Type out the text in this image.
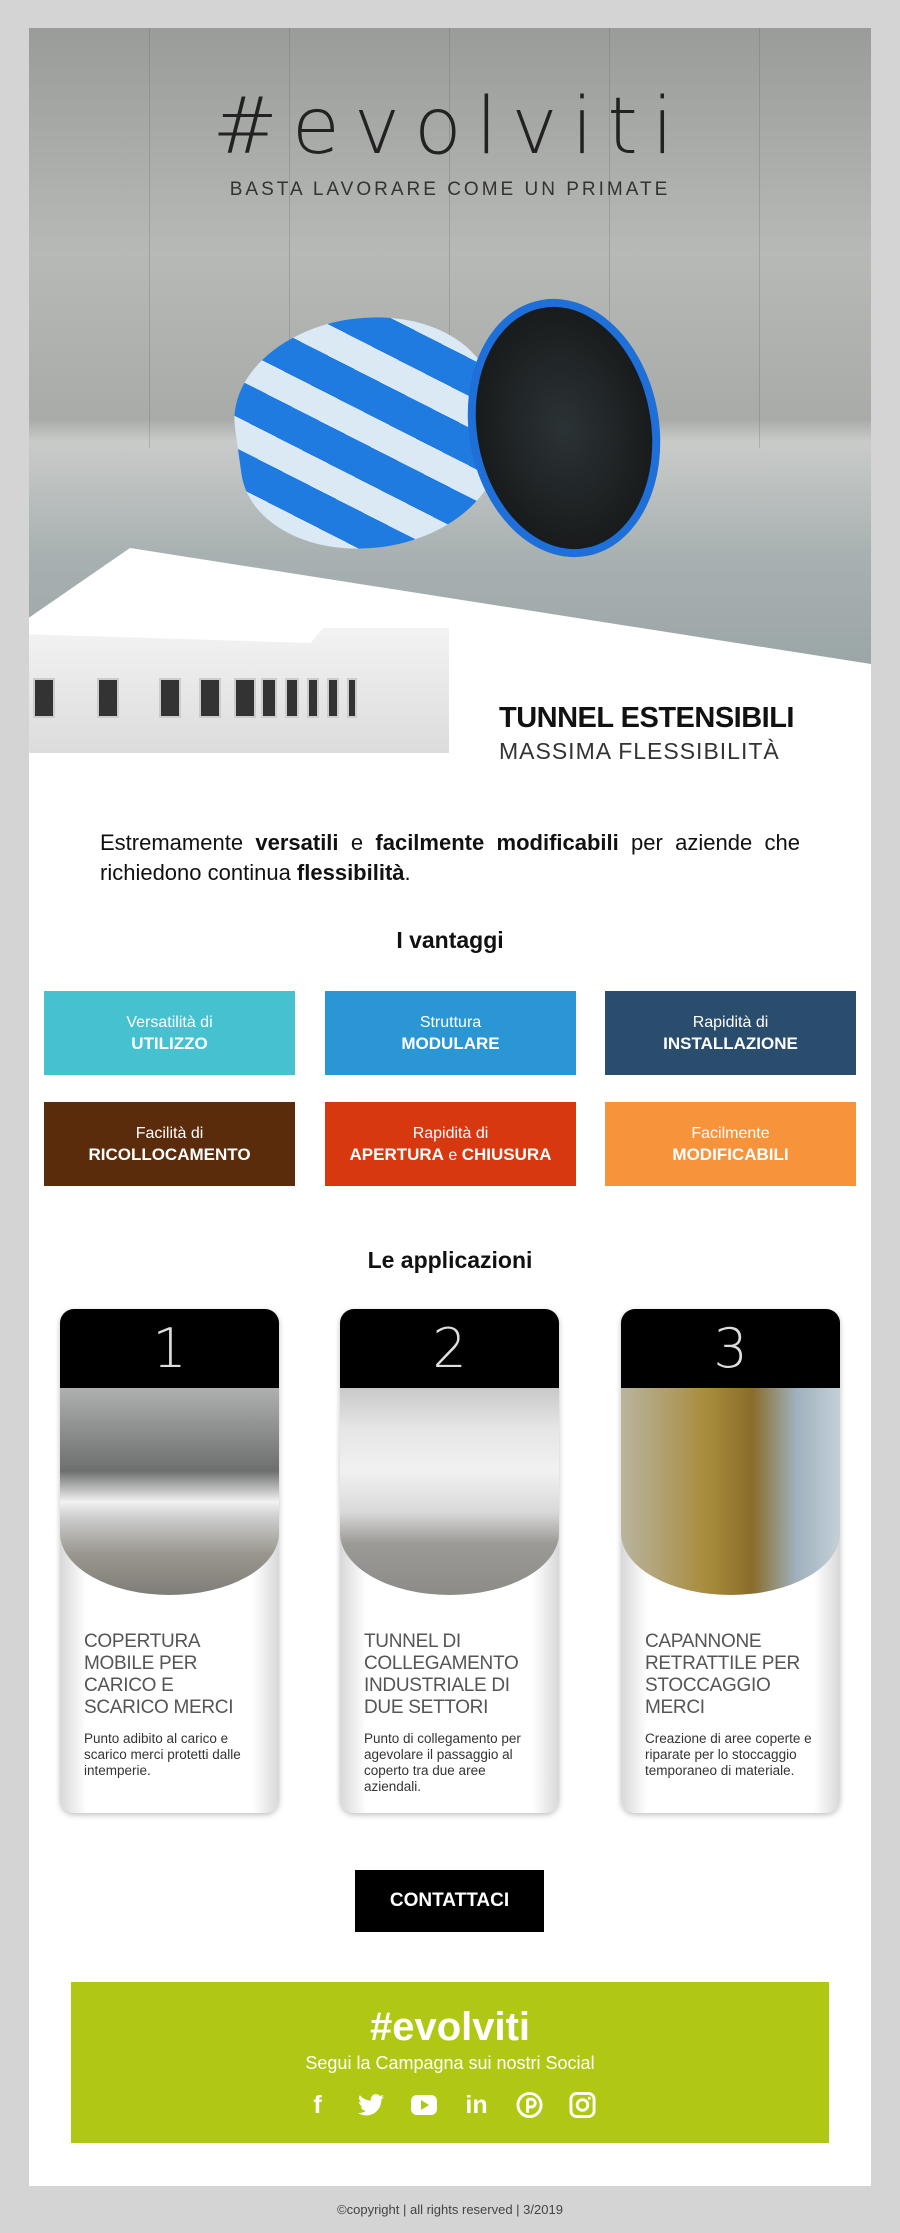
#evolviti
BASTA LAVORARE COME UN PRIMATE
TUNNEL ESTENSIBILI
MASSIMA FLESSIBILITÀ

Estremamente versatili e facilmente modificabili per aziende che richiedono continua flessibilità.

I vantaggi
Versatilità di
UTILIZZO
Struttura
MODULARE
Rapidità di
INSTALLAZIONE
Facilità di
RICOLLOCAMENTO
Rapidità di
APERTURA e CHIUSURA
Facilmente
MODIFICABILI
Le applicazioni
1
COPERTURA MOBILE PER CARICO E SCARICO MERCI
Punto adibito al carico e scarico merci protetti dalle intemperie.
2
TUNNEL DI COLLEGAMENTO INDUSTRIALE DI DUE SETTORI
Punto di collegamento per agevolare il passaggio al coperto tra due aree aziendali.
3
CAPANNONE RETRATTILE PER STOCCAGGIO MERCI
Creazione di aree coperte e riparate per lo stoccaggio temporaneo di materiale.
CONTATTACI
#evolviti
Segui la Campagna sui nostri Social
f	in
©copyright | all rights reserved | 3/2019
